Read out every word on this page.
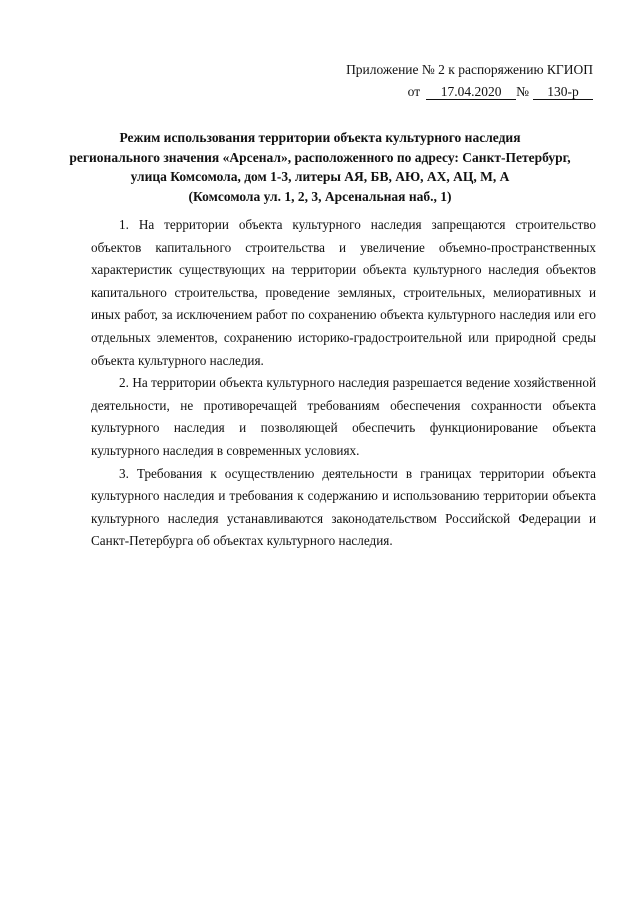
Приложение № 2 к распоряжению КГИОП
от	17.04.2020	№	130-р
Режим использования территории объекта культурного наследия
регионального значения «Арсенал», расположенного по адресу: Санкт-Петербург,
улица Комсомола, дом 1-3, литеры АЯ, БВ, АЮ, АХ, АЦ, М, А
(Комсомола ул. 1, 2, 3, Арсенальная наб., 1)

1. На территории объекта культурного наследия запрещаются строительство объектов капитального строительства и увеличение объемно-пространственных характеристик существующих на территории объекта культурного наследия объектов капитального строительства, проведение земляных, строительных, мелиоративных и иных работ, за исключением работ по сохранению объекта культурного наследия или его отдельных элементов, сохранению историко-градостроительной или природной среды объекта культурного наследия.

2. На территории объекта культурного наследия разрешается ведение хозяйственной деятельности, не противоречащей требованиям обеспечения сохранности объекта культурного наследия и позволяющей обеспечить функционирование объекта культурного наследия в современных условиях.

3. Требования к осуществлению деятельности в границах территории объекта культурного наследия и требования к содержанию и использованию территории объекта культурного наследия устанавливаются законодательством Российской Федерации и Санкт-Петербурга об объектах культурного наследия.
